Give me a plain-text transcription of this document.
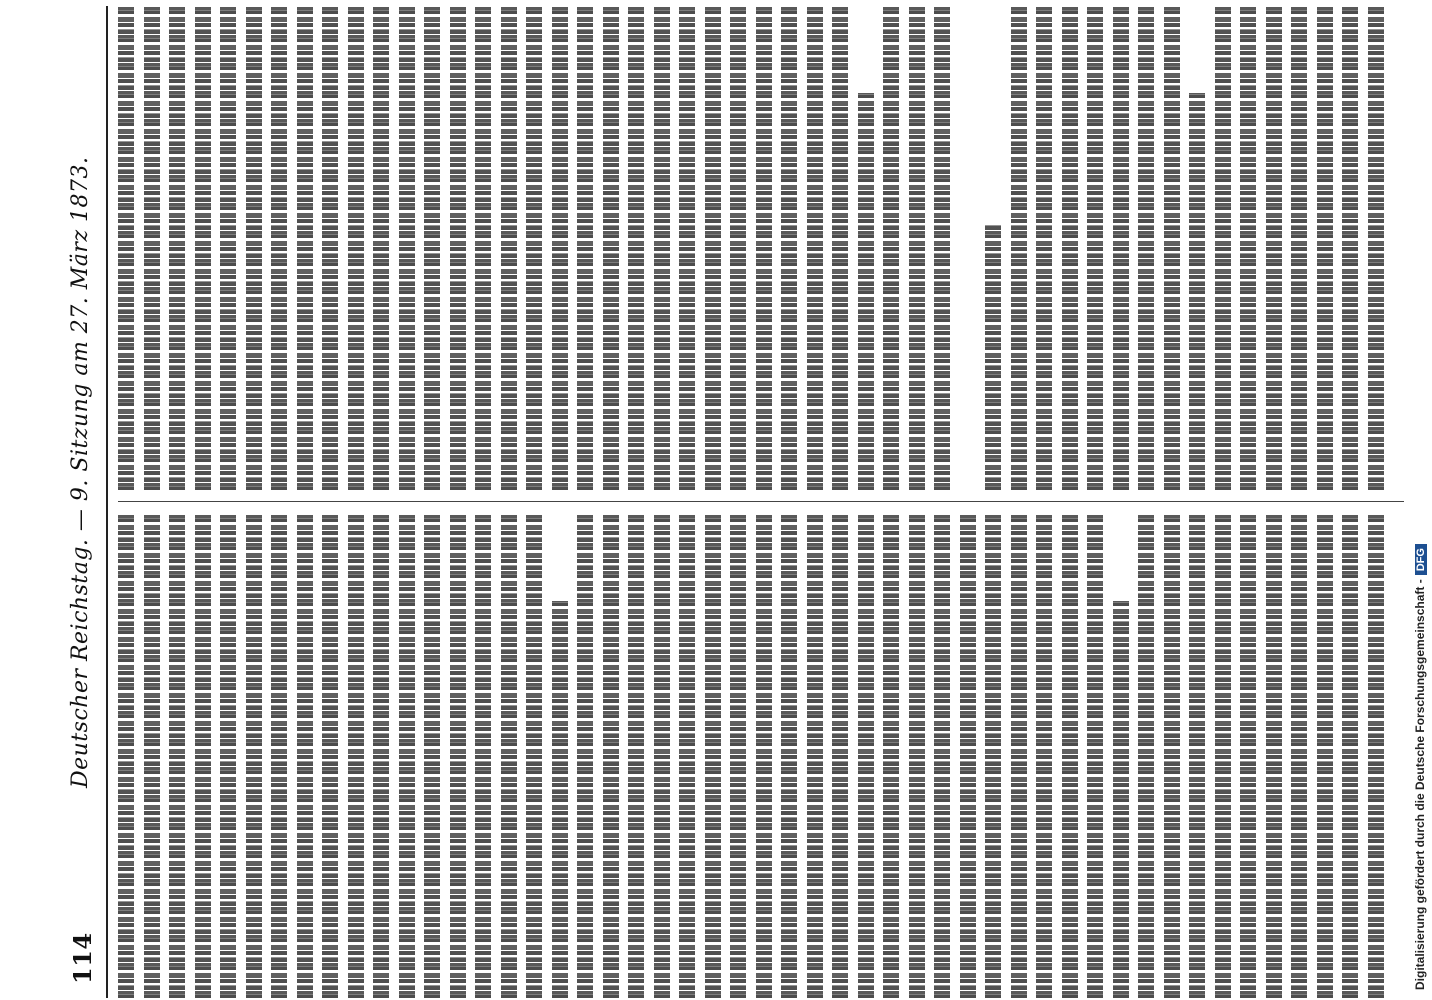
114
Deutscher Reichstag. — 9. Sitzung am 27. März 1873.	Digitalisierung gefördert durch die Deutsche Forschungsgemeinschaft -DFG
